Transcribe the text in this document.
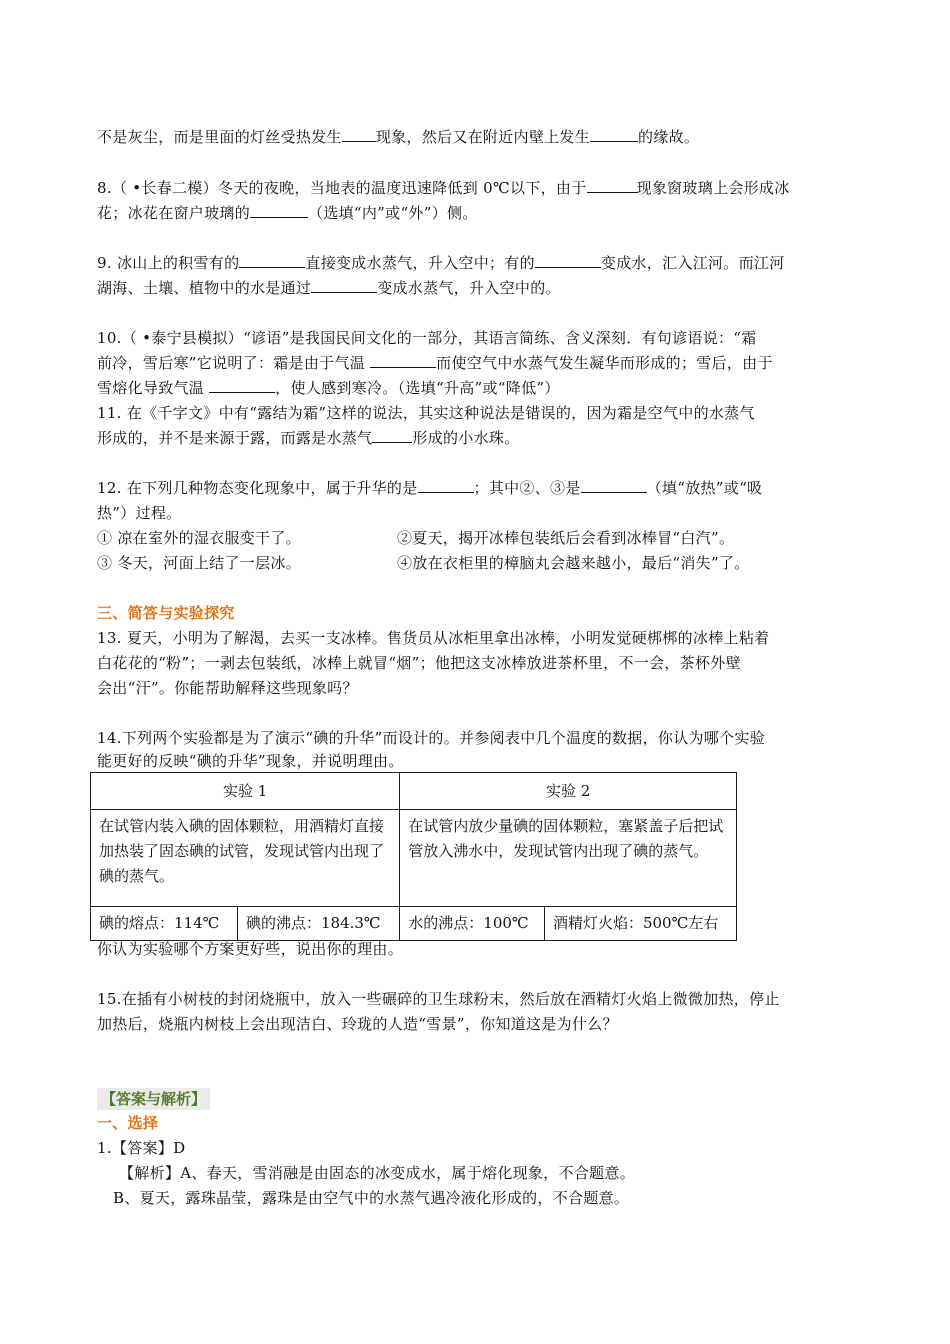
不是灰尘，而是里面的灯丝受热发生 现象，然后又在附近内壁上发生	的缘故。
8.（ •长春二模）冬天的夜晚，当地表的温度迅速降低到 0℃以下，由于	现象窗玻璃上会形成冰
花；冰花在窗户玻璃的	（选填“内”或“外”）侧。
9. 冰山上的积雪有的	直接变成水蒸气，升入空中；有的	变成水，汇入江河。而江河
湖海、土壤、植物中的水是通过	变成水蒸气，升入空中的。
10.（ •泰宁县模拟）“谚语”是我国民间文化的一部分，其语言简练、含义深刻．有句谚语说：“霜
前冷，雪后寒”它说明了：霜是由于气温	而使空气中水蒸气发生凝华而形成的；雪后，由于
雪熔化导致气温	，使人感到寒冷。（选填“升高”或“降低”）
11. 在《千字文》中有“露结为霜”这样的说法，其实这种说法是错误的，因为霜是空气中的水蒸气
形成的，并不是来源于露，而露是水蒸气	形成的小水珠。
12. 在下列几种物态变化现象中，属于升华的是	；其中②、③是	（填“放热”或“吸
热”）过程。
① 凉在室外的湿衣服变干了。	②夏天，揭开冰棒包装纸后会看到冰棒冒“白汽”。
③ 冬天，河面上结了一层冰。	④放在衣柜里的樟脑丸会越来越小，最后“消失”了。
三、简答与实验探究
13. 夏天，小明为了解渴，去买一支冰棒。售货员从冰柜里拿出冰棒，小明发觉硬梆梆的冰棒上粘着
白花花的“粉”；一剥去包装纸，冰棒上就冒“烟”；他把这支冰棒放进茶杯里，不一会，茶杯外壁
会出“汗”。你能帮助解释这些现象吗？
14.下列两个实验都是为了演示“碘的升华”而设计的。并参阅表中几个温度的数据，你认为哪个实验
能更好的反映“碘的升华”现象，并说明理由。
实验 1		实验 2	
在试管内装入碘的固体颗粒，用酒精灯直接加热装了固态碘的试管，发现试管内出现了碘的蒸气。		在试管内放少量碘的固体颗粒，塞紧盖子后把试管放入沸水中，发现试管内出现了碘的蒸气。	
碘的熔点：114℃	碘的沸点：184.3℃	水的沸点：100℃	酒精灯火焰：500℃左右
你认为实验哪个方案更好些，说出你的理由。
15.在插有小树枝的封闭烧瓶中，放入一些碾碎的卫生球粉末，然后放在酒精灯火焰上微微加热，停止
加热后，烧瓶内树枝上会出现洁白、玲珑的人造“雪景”，你知道这是为什么？
【答案与解析】
一、选择
1.【答案】D
【解析】A、春天，雪消融是由固态的冰变成水，属于熔化现象，不合题意。
B、夏天，露珠晶莹，露珠是由空气中的水蒸气遇冷液化形成的，不合题意。
